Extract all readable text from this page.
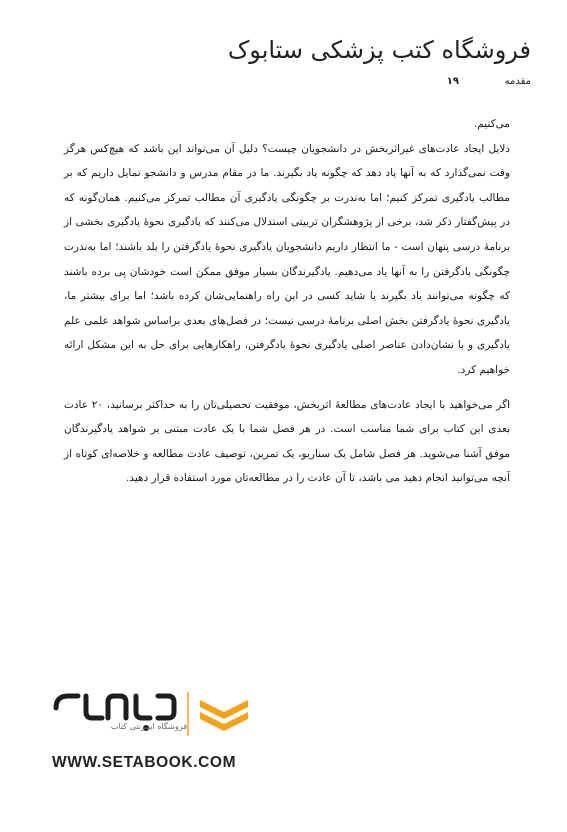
فروشگاه کتب پزشکی ستابوک
مقدمه
۱۹

می‌کنیم.

دلایل ایجاد عادت‌های غیراثربخش در دانشجویان چیست؟ دلیل آن می‌تواند این باشد که هیچ‌کس هرگز وقت نمی‌گذارد که به آنها یاد دهد که چگونه یاد بگیرند. ما در مقام مدرس و دانشجو تمایل داریم که بر مطالب یادگیری تمرکز کنیم؛ اما به‌ندرت بر چگونگی یادگیری آن مطالب تمرکز می‌کنیم. همان‌گونه که در پیش‌گفتار ذکر شد، برخی از پژوهشگران تربیتی استدلال می‌کنند که یادگیری نحوهٔ یادگیری بخشی از برنامهٔ درسی پنهان است - ما انتظار داریم دانشجویان یادگیری نحوهٔ یادگرفتن را بلد باشند؛ اما به‌ندرت چگونگی یادگرفتن را به آنها یاد می‌دهیم. یادگیرندگان بسیار موفق ممکن است خودشان پی برده باشند که چگونه می‌توانند یاد بگیرند یا شاید کسی در این راه راهنمایی‌شان کرده باشد؛ اما برای بیشتر ما، یادگیری نحوهٔ یادگرفتن بخش اصلی برنامهٔ درسی نیست؛ در فصل‌های بعدی براساس شواهد علمی علم یادگیری و با نشان‌دادن عناصر اصلی یادگیری نحوهٔ یادگرفتن، راهکارهایی برای حل به این مشکل ارائه خواهیم کرد.

اگر می‌خواهید با ایجاد عادت‌های مطالعهٔ اثربخش، موفقیت تحصیلی‌تان را به حداکثر برسانید، ۲۰ عادت بعدی این کتاب برای شما مناسب است. در هر فصل شما با یک عادت مبتنی بر شواهد یادگیرندگان موفق آشنا می‌شوید. هر فصل شامل یک سناریو، یک تمرین، توصیف عادت مطالعه و خلاصه‌ای کوتاه از آنچه می‌توانید انجام دهید می‌ باشد، تا آن عادت را در مطالعه‌تان مورد استفاده قرار دهید.

فروشگاه اینترنتی کتاب
WWW.SETABOOK.COM
